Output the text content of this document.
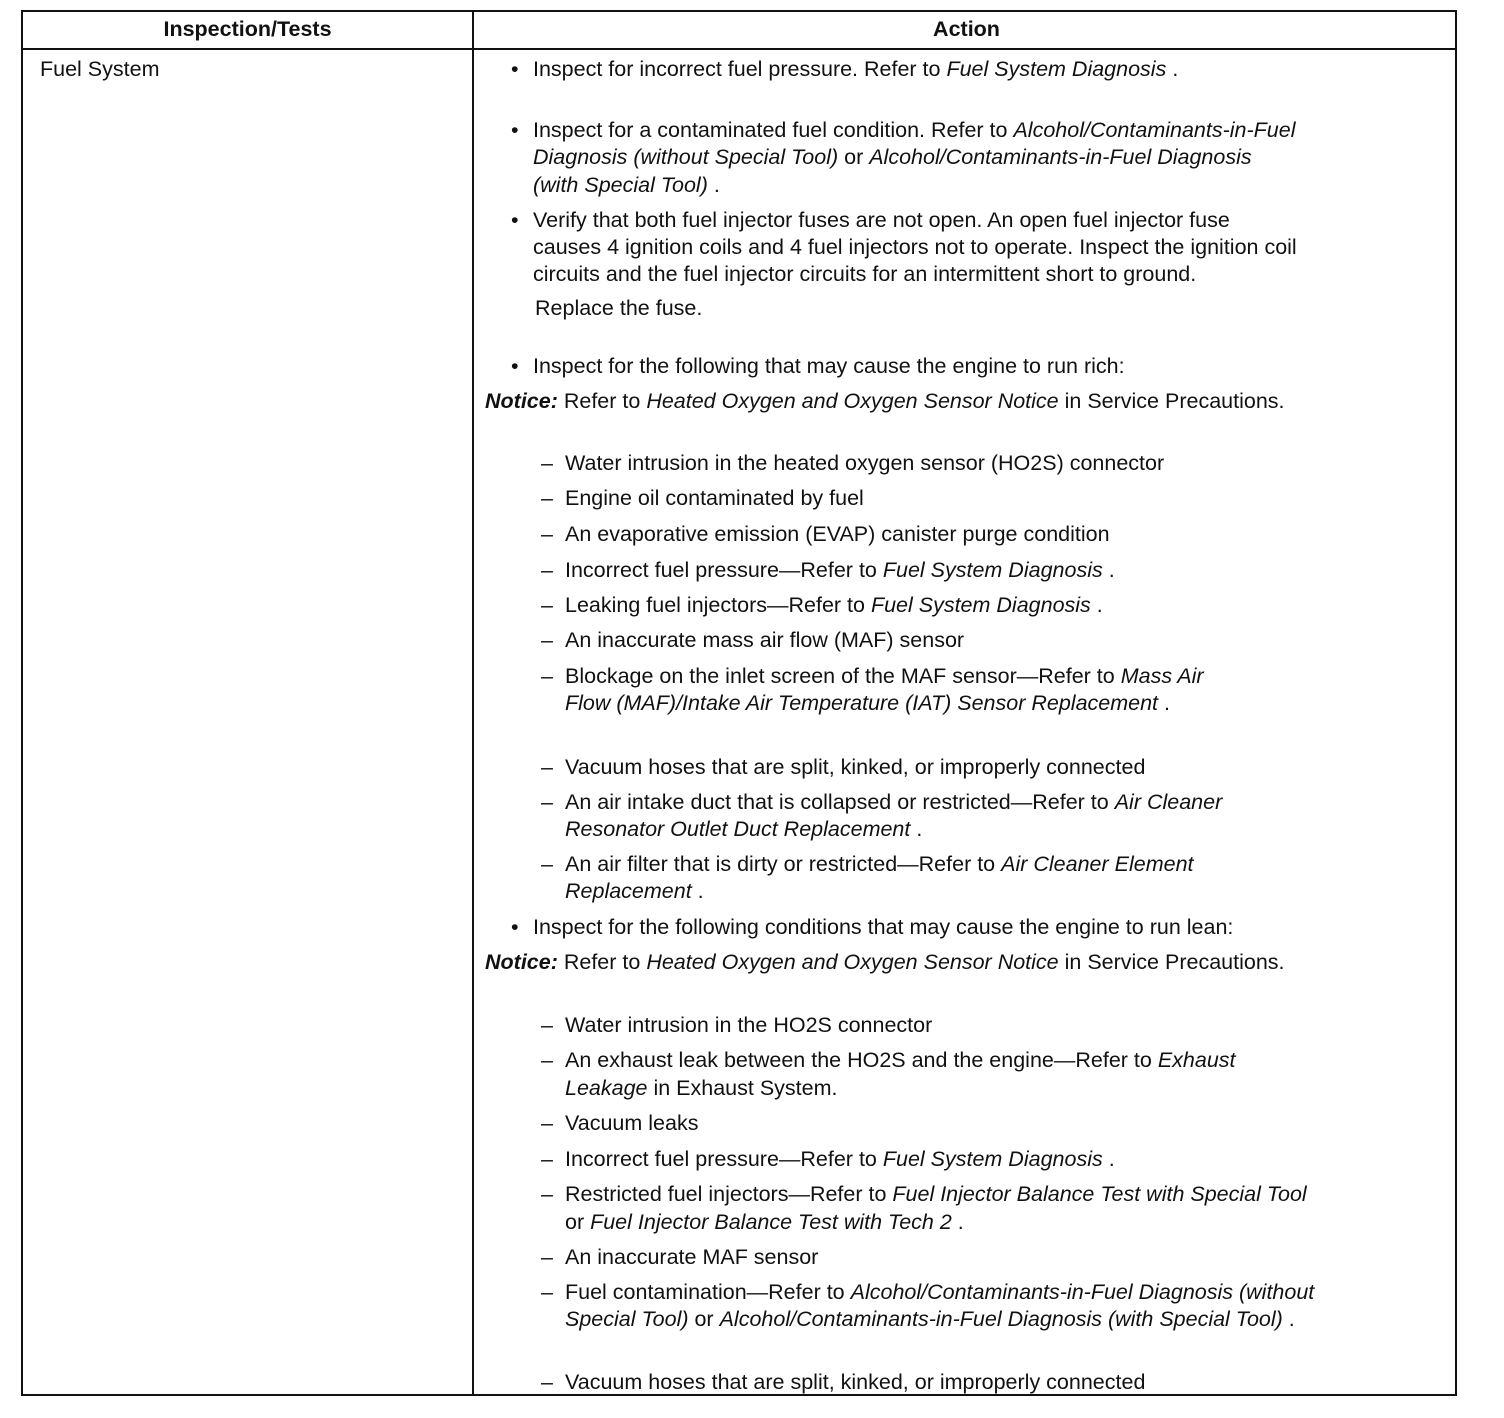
Inspection/Tests	Action
Fuel System	• Inspect for incorrect fuel pressure. Refer to Fuel System Diagnosis .
• Inspect for a contaminated fuel condition. Refer to Alcohol/Contaminants-in-Fuel
Diagnosis (without Special Tool) or Alcohol/Contaminants-in-Fuel Diagnosis
(with Special Tool) .
• Verify that both fuel injector fuses are not open. An open fuel injector fuse
causes 4 ignition coils and 4 fuel injectors not to operate. Inspect the ignition coil
circuits and the fuel injector circuits for an intermittent short to ground.
Replace the fuse.
• Inspect for the following that may cause the engine to run rich:
Notice: Refer to Heated Oxygen and Oxygen Sensor Notice in Service Precautions.
– Water intrusion in the heated oxygen sensor (HO2S) connector
– Engine oil contaminated by fuel
– An evaporative emission (EVAP) canister purge condition
– Incorrect fuel pressure—Refer to Fuel System Diagnosis .
– Leaking fuel injectors—Refer to Fuel System Diagnosis .
– An inaccurate mass air flow (MAF) sensor
– Blockage on the inlet screen of the MAF sensor—Refer to Mass Air
Flow (MAF)/Intake Air Temperature (IAT) Sensor Replacement .
– Vacuum hoses that are split, kinked, or improperly connected
– An air intake duct that is collapsed or restricted—Refer to Air Cleaner
Resonator Outlet Duct Replacement .
– An air filter that is dirty or restricted—Refer to Air Cleaner Element
Replacement .
• Inspect for the following conditions that may cause the engine to run lean:
Notice: Refer to Heated Oxygen and Oxygen Sensor Notice in Service Precautions.
– Water intrusion in the HO2S connector
– An exhaust leak between the HO2S and the engine—Refer to Exhaust
Leakage in Exhaust System.
– Vacuum leaks
– Incorrect fuel pressure—Refer to Fuel System Diagnosis .
– Restricted fuel injectors—Refer to Fuel Injector Balance Test with Special Tool
or Fuel Injector Balance Test with Tech 2 .
– An inaccurate MAF sensor
– Fuel contamination—Refer to Alcohol/Contaminants-in-Fuel Diagnosis (without
Special Tool) or Alcohol/Contaminants-in-Fuel Diagnosis (with Special Tool) .
– Vacuum hoses that are split, kinked, or improperly connected
